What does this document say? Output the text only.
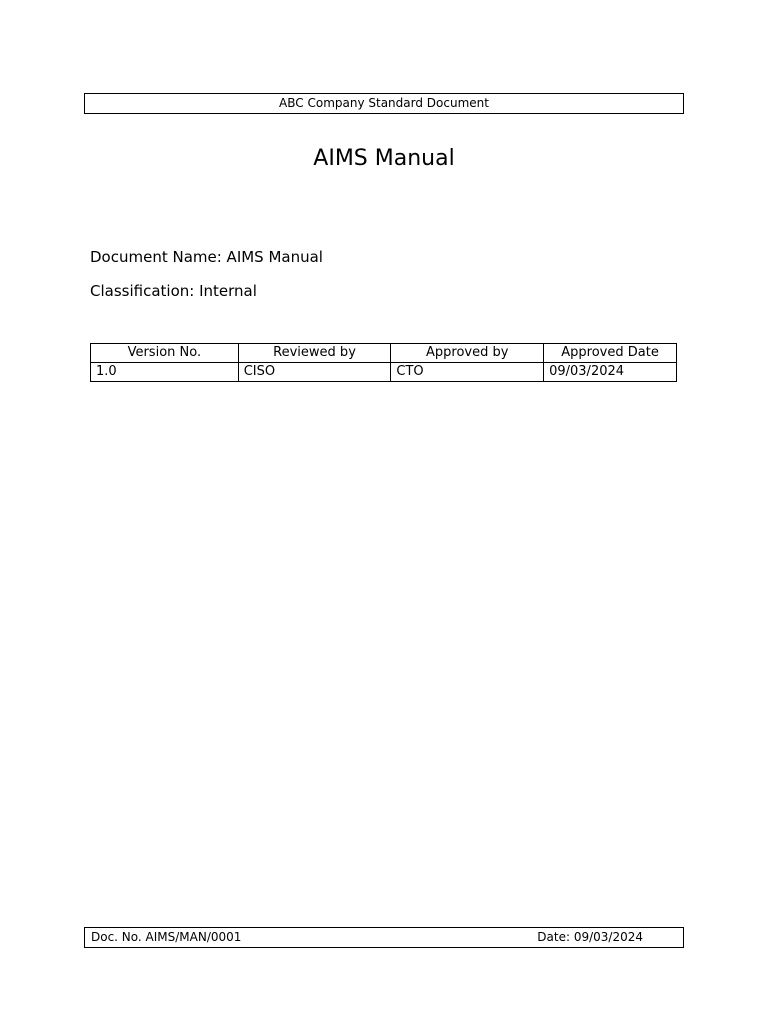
ABC Company Standard Document
AIMS Manual
Document Name: AIMS Manual
Classification: Internal
Version No.	Reviewed by	Approved by	Approved Date
1.0	CISO	CTO	09/03/2024
Doc. No. AIMS/MAN/0001	Date: 09/03/2024
